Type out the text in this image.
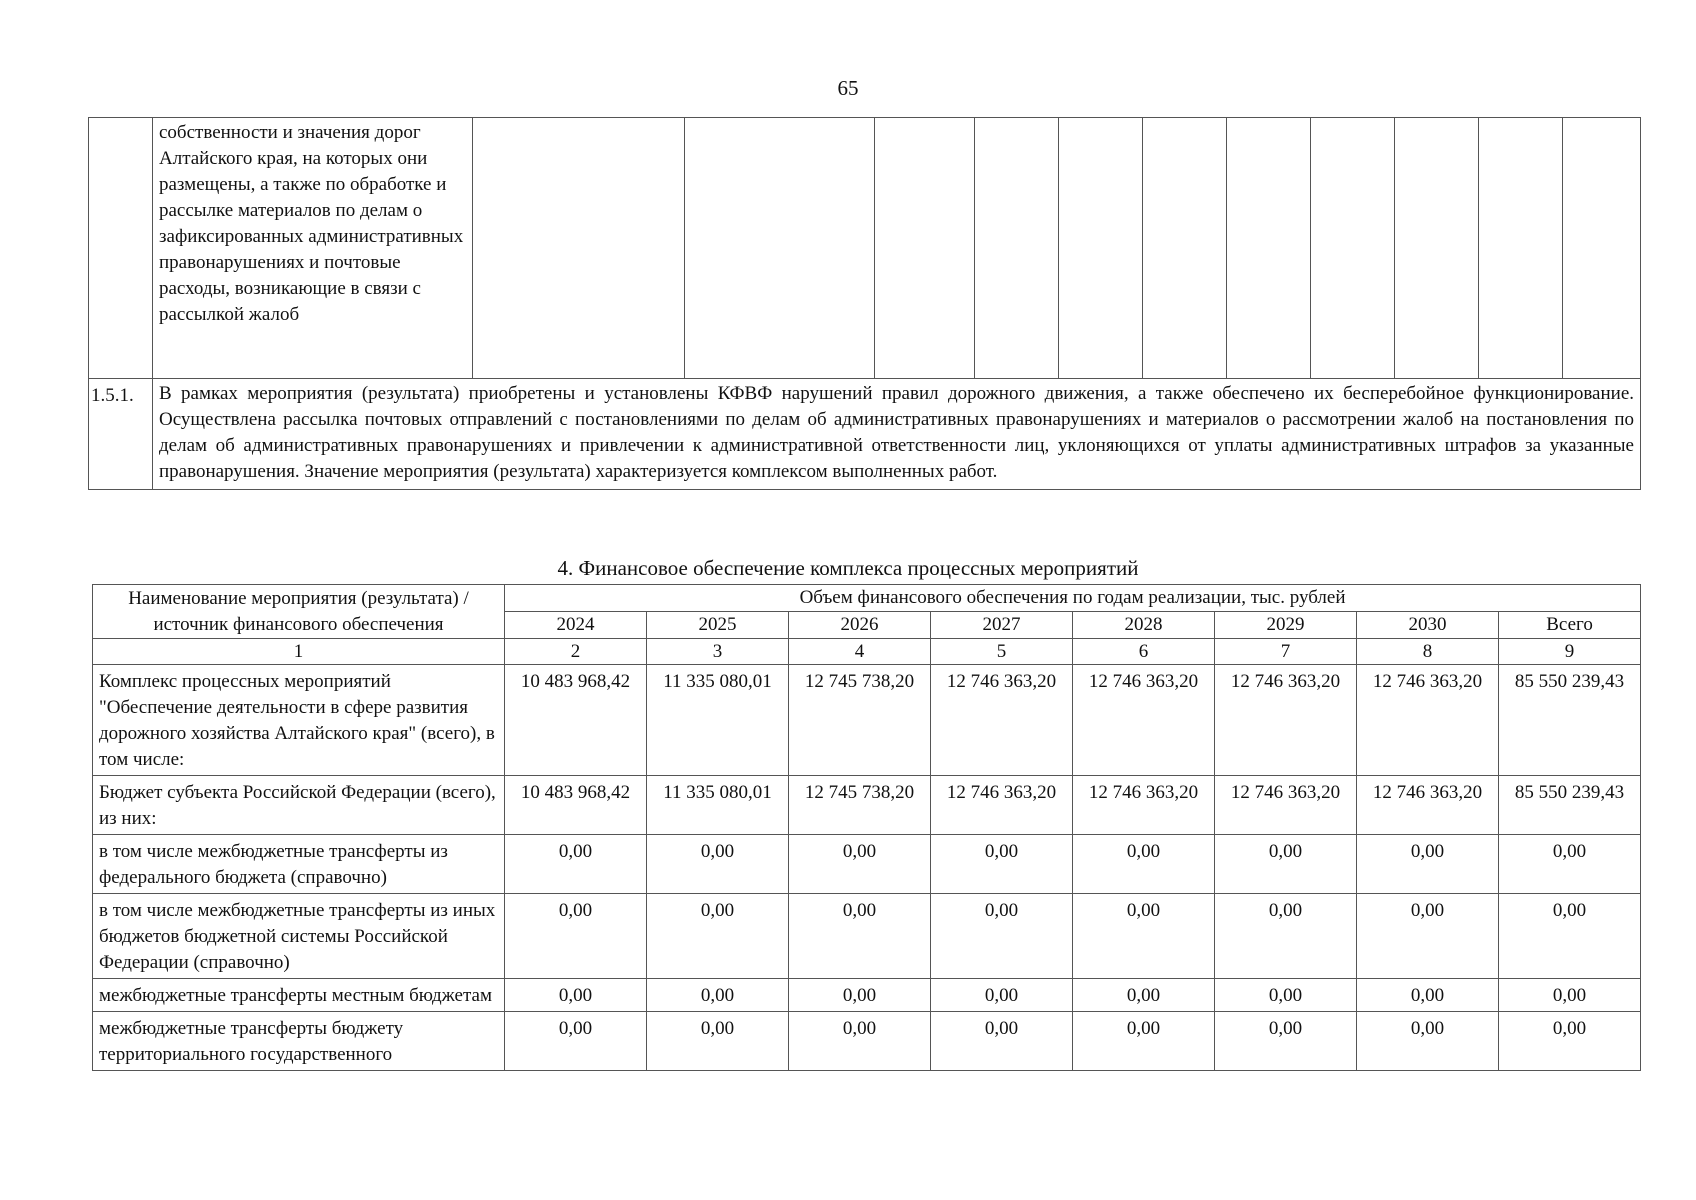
65
	собственности и значения дорог Алтайского края, на которых они размещены, а также по обработке и рассылке материалов по делам о зафиксированных административных правонарушениях и почтовые расходы, возникающие в связи с рассылкой жалоб											
1.5.1.	В рамках мероприятия (результата) приобретены и установлены КФВФ нарушений правил дорожного движения, а также обеспечено их бесперебойное функционирование. Осуществлена рассылка почтовых отправлений с постановлениями по делам об административных правонарушениях и материалов о рассмотрении жалоб на постановления по делам об административных правонарушениях и привлечении к административной ответственности лиц, уклоняющихся от уплаты административных штрафов за указанные правонарушения. Значение мероприятия (результата) характеризуется комплексом выполненных работ.											
4. Финансовое обеспечение комплекса процессных мероприятий
Наименование мероприятия (результата) / источник финансового обеспечения	Объем финансового обеспечения по годам реализации, тыс. рублей							
	2024	2025	2026	2027	2028	2029	2030	Всего
1	2	3	4	5	6	7	8	9
Комплекс процессных мероприятий "Обеспечение деятельности в сфере развития дорожного хозяйства Алтайского края" (всего), в том числе:	10 483 968,42	11 335 080,01	12 745 738,20	12 746 363,20	12 746 363,20	12 746 363,20	12 746 363,20	85 550 239,43
Бюджет субъекта Российской Федерации (всего), из них:	10 483 968,42	11 335 080,01	12 745 738,20	12 746 363,20	12 746 363,20	12 746 363,20	12 746 363,20	85 550 239,43
в том числе межбюджетные трансферты из федерального бюджета (справочно)	0,00	0,00	0,00	0,00	0,00	0,00	0,00	0,00
в том числе межбюджетные трансферты из иных бюджетов бюджетной системы Российской Федерации (справочно)	0,00	0,00	0,00	0,00	0,00	0,00	0,00	0,00
межбюджетные трансферты местным бюджетам	0,00	0,00	0,00	0,00	0,00	0,00	0,00	0,00
межбюджетные трансферты бюджету территориального государственного	0,00	0,00	0,00	0,00	0,00	0,00	0,00	0,00
